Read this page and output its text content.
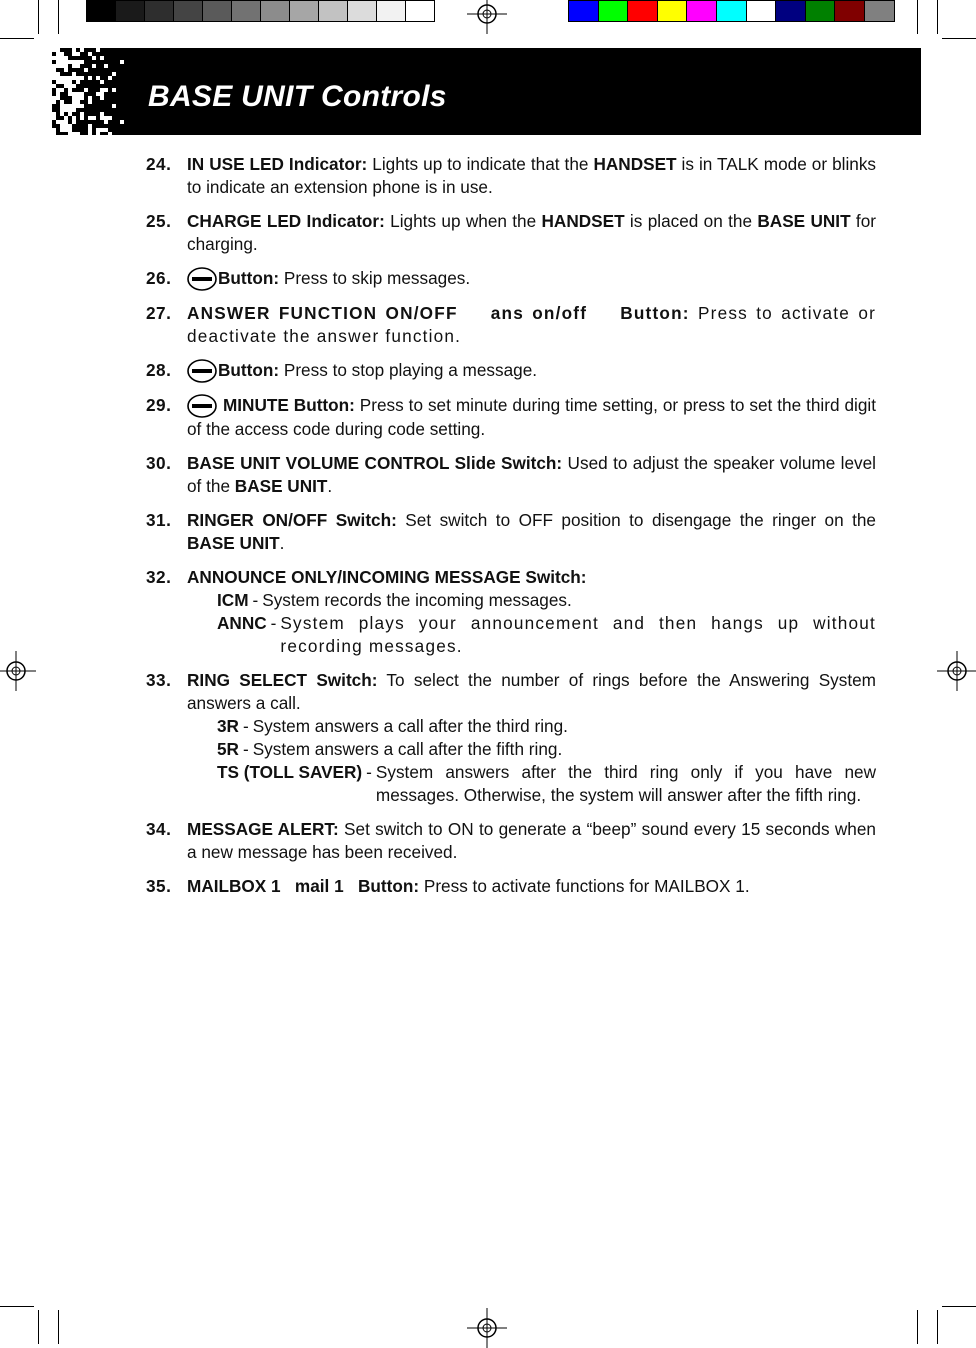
BASE UNIT Controls
24. IN USE LED Indicator: Lights up to indicate that the HANDSET is in TALK mode or blinks to indicate an extension phone is in use.
25. CHARGE LED Indicator: Lights up when the HANDSET is placed on the BASE UNIT for charging.
26.	Button: Press to skip messages.
27. ANSWER FUNCTION ON/OFF ans on/off Button: Press to activate or deactivate the answer function.
28.	Button: Press to stop playing a message.
29.	MINUTE Button: Press to set minute during time setting, or press to set the third digit of the access code during code setting.
30. BASE UNIT VOLUME CONTROL Slide Switch: Used to adjust the speaker volume level of the BASE UNIT.
31. RINGER ON/OFF Switch: Set switch to OFF position to disengage the ringer on the BASE UNIT.
32. ANNOUNCE ONLY/INCOMING MESSAGE Switch:
ICM - System records the incoming messages.
ANNC - System plays your announcement and then hangs up without recording messages.
33. RING SELECT Switch: To select the number of rings before the Answering System answers a call.
3R - System answers a call after the third ring.
5R - System answers a call after the fifth ring.
TS (TOLL SAVER) - System answers after the third ring only if you have new messages. Otherwise, the system will answer after the fifth ring.
34. MESSAGE ALERT: Set switch to ON to generate a “beep” sound every 15 seconds when a new message has been received.
35. MAILBOX 1 mail 1 Button: Press to activate functions for MAILBOX 1.
